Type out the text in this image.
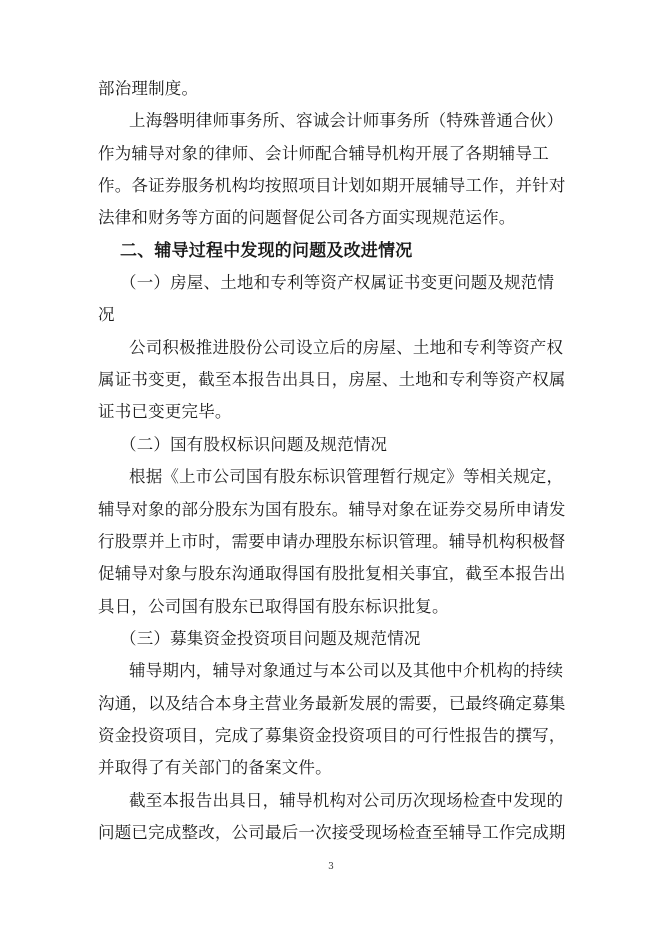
部治理制度。
上海磐明律师事务所、容诚会计师事务所（特殊普通合伙）
作为辅导对象的律师、会计师配合辅导机构开展了各期辅导工
作。各证券服务机构均按照项目计划如期开展辅导工作，并针对
法律和财务等方面的问题督促公司各方面实现规范运作。
二、辅导过程中发现的问题及改进情况
（一）房屋、土地和专利等资产权属证书变更问题及规范情
况
公司积极推进股份公司设立后的房屋、土地和专利等资产权
属证书变更，截至本报告出具日，房屋、土地和专利等资产权属
证书已变更完毕。
（二）国有股权标识问题及规范情况
根据《上市公司国有股东标识管理暂行规定》等相关规定，
辅导对象的部分股东为国有股东。辅导对象在证券交易所申请发
行股票并上市时，需要申请办理股东标识管理。辅导机构积极督
促辅导对象与股东沟通取得国有股批复相关事宜，截至本报告出
具日，公司国有股东已取得国有股东标识批复。
（三）募集资金投资项目问题及规范情况
辅导期内，辅导对象通过与本公司以及其他中介机构的持续
沟通，以及结合本身主营业务最新发展的需要，已最终确定募集
资金投资项目，完成了募集资金投资项目的可行性报告的撰写，
并取得了有关部门的备案文件。
截至本报告出具日，辅导机构对公司历次现场检查中发现的
问题已完成整改，公司最后一次接受现场检查至辅导工作完成期
3
